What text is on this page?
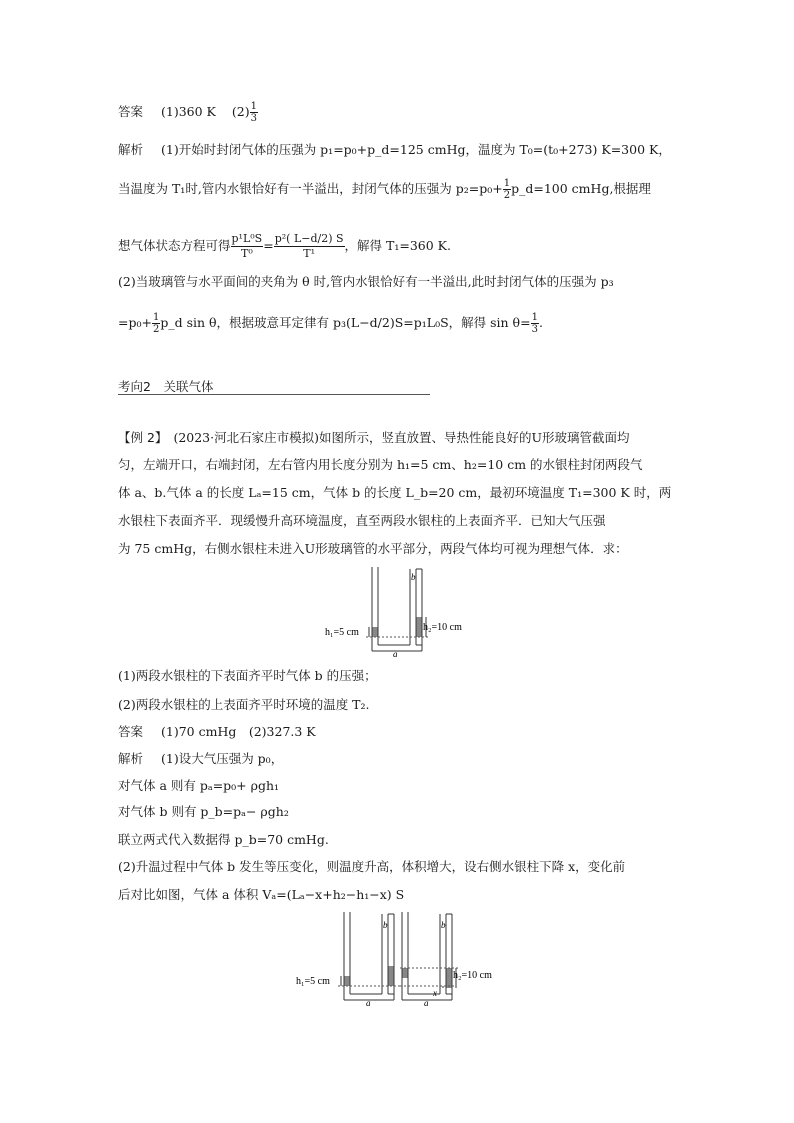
答案 (1)360 K $(2) \frac{1}{3}$
解析 (1)开始时封闭气体的压强为 p₁=p₀+p_d=125 cmHg，温度为 T₀=(t₀+273) K=300 K，
当温度为 T₁时,管内水银恰好有一半溢出，封闭气体的压强为 $p_2=p_0+ \frac{1}{2}$ p_d=100 cmHg,根据理
想气体状态方程可得 $\frac{\text{p¹L⁰S}}{\text{T⁰}} = \frac{\text{p²( L−d/2) S}}{\text{T¹}}$ ，解得 T₁=360 K.
(2)当玻璃管与水平面间的夹角为 θ 时,管内水银恰好有一半溢出,此时封闭气体的压强为 p₃
$=p_0+ \frac{1}{2}$ p_d sin θ，根据玻意耳定律有 p₃(L−d/2)S=p₁L₀S，解得 $\sin \theta= \frac{1}{3}$ .
考向2　关联气体
【例 2】 (2023·河北石家庄市模拟)如图所示，竖直放置、导热性能良好的U形玻璃管截面均
匀，左端开口，右端封闭，左右管内用长度分别为 h₁=5 cm、h₂=10 cm 的水银柱封闭两段气
体 a、b.气体 a 的长度 Lₐ=15 cm，气体 b 的长度 L_b=20 cm，最初环境温度 T₁=300 K 时，两
水银柱下表面齐平．现缓慢升高环境温度，直至两段水银柱的上表面齐平．已知大气压强
为 75 cmHg，右侧水银柱未进入U形玻璃管的水平部分，两段气体均可视为理想气体．求：
h₁=5 cm	h₂=10 cm
a
b
(1)两段水银柱的下表面齐平时气体 b 的压强；
(2)两段水银柱的上表面齐平时环境的温度 T₂.
答案 (1)70 cmHg　(2)327.3 K
解析 (1)设大气压强为 p₀，
对气体 a 则有 pₐ=p₀+ ρgh₁
对气体 b 则有 p_b=pₐ− ρgh₂
联立两式代入数据得 p_b=70 cmHg.
(2)升温过程中气体 b 发生等压变化，则温度升高，体积增大，设右侧水银柱下降 x，变化前
后对比如图，气体 a 体积 Vₐ=(Lₐ−x+h₂−h₁−x) S
h₁=5 cm
h₂=10 cm
a
b
a
b
x
